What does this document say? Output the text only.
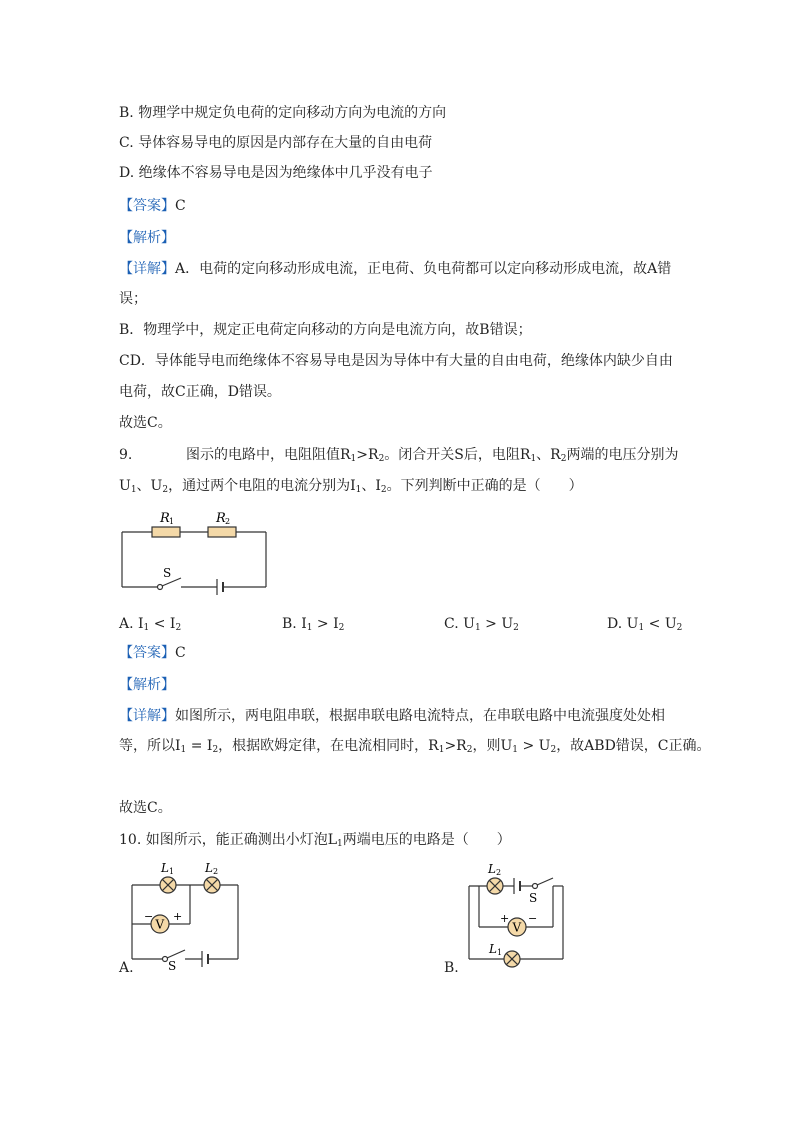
B. 物理学中规定负电荷的定向移动方向为电流的方向
C. 导体容易导电的原因是内部存在大量的自由电荷
D. 绝缘体不容易导电是因为绝缘体中几乎没有电子
【答案】C
【解析】
【详解】A．电荷的定向移动形成电流，正电荷、负电荷都可以定向移动形成电流，故A错
误；
B．物理学中，规定正电荷定向移动的方向是电流方向，故B错误；
CD．导体能导电而绝缘体不容易导电是因为导体中有大量的自由电荷，绝缘体内缺少自由
电荷，故C正确，D错误。
故选C。
9.	图示的电路中，电阻阻值$R_1>R_2$。闭合开关S后，电阻$R_1$、$R_2$两端的电压分别为
$U_1$、$U_2$，通过两个电阻的电流分别为$I_1$、$I_2$。下列判断中正确的是（　　）
R 1	R 2
S
A. $I_1 < I_2$	B. $I_1 > I_2$	C. $U_1 > U_2$	D. $U_1 < U_2$
【答案】C
【解析】
【详解】如图所示，两电阻串联，根据串联电路电流特点，在串联电路中电流强度处处相
等，所以$I_1 = I_2$，根据欧姆定律，在电流相同时，$R_1>R_2$，则$U_1 > U_2$，故ABD错误，C正确。
故选C。
10. 如图所示，能正确测出小灯泡$L_1$两端电压的电路是（　　）
V
− +
L 1	L 2
S
A.
V
+ −
L 2
S
L 1
B.
